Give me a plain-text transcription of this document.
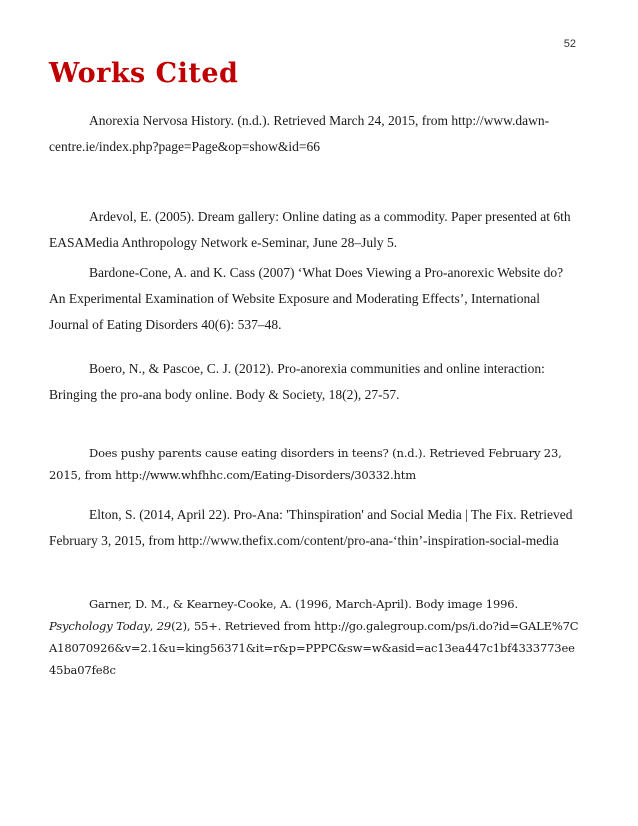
52
Works Cited

Anorexia Nervosa History. (n.d.). Retrieved March 24, 2015, from http://www.dawn-centre.ie/index.php?page=Page&op=show&id=66

Ardevol, E. (2005). Dream gallery: Online dating as a commodity. Paper presented at 6th EASAMedia Anthropology Network e-Seminar, June 28–July 5.

Bardone-Cone, A. and K. Cass (2007) ‘What Does Viewing a Pro-anorexic Website do? An Experimental Examination of Website Exposure and Moderating Effects’, International Journal of Eating Disorders 40(6): 537–48.

Boero, N., & Pascoe, C. J. (2012). Pro-anorexia communities and online interaction: Bringing the pro-ana body online. Body & Society, 18(2), 27-57.

Does pushy parents cause eating disorders in teens? (n.d.). Retrieved February 23, 2015, from http://www.whfhhc.com/Eating-Disorders/30332.htm

Elton, S. (2014, April 22). Pro-Ana: 'Thinspiration' and Social Media | The Fix. Retrieved February 3, 2015, from http://www.thefix.com/content/pro-ana-‘thin’-inspiration-social-media

Garner, D. M., & Kearney-Cooke, A. (1996, March-April). Body image 1996. Psychology Today, 29(2), 55+. Retrieved from http://go.galegroup.com/ps/i.do?id=GALE%7CA18070926&v=2.1&u=king56371&it=r&p=PPPC&sw=w&asid=ac13ea447c1bf4333773ee45ba07fe8c
